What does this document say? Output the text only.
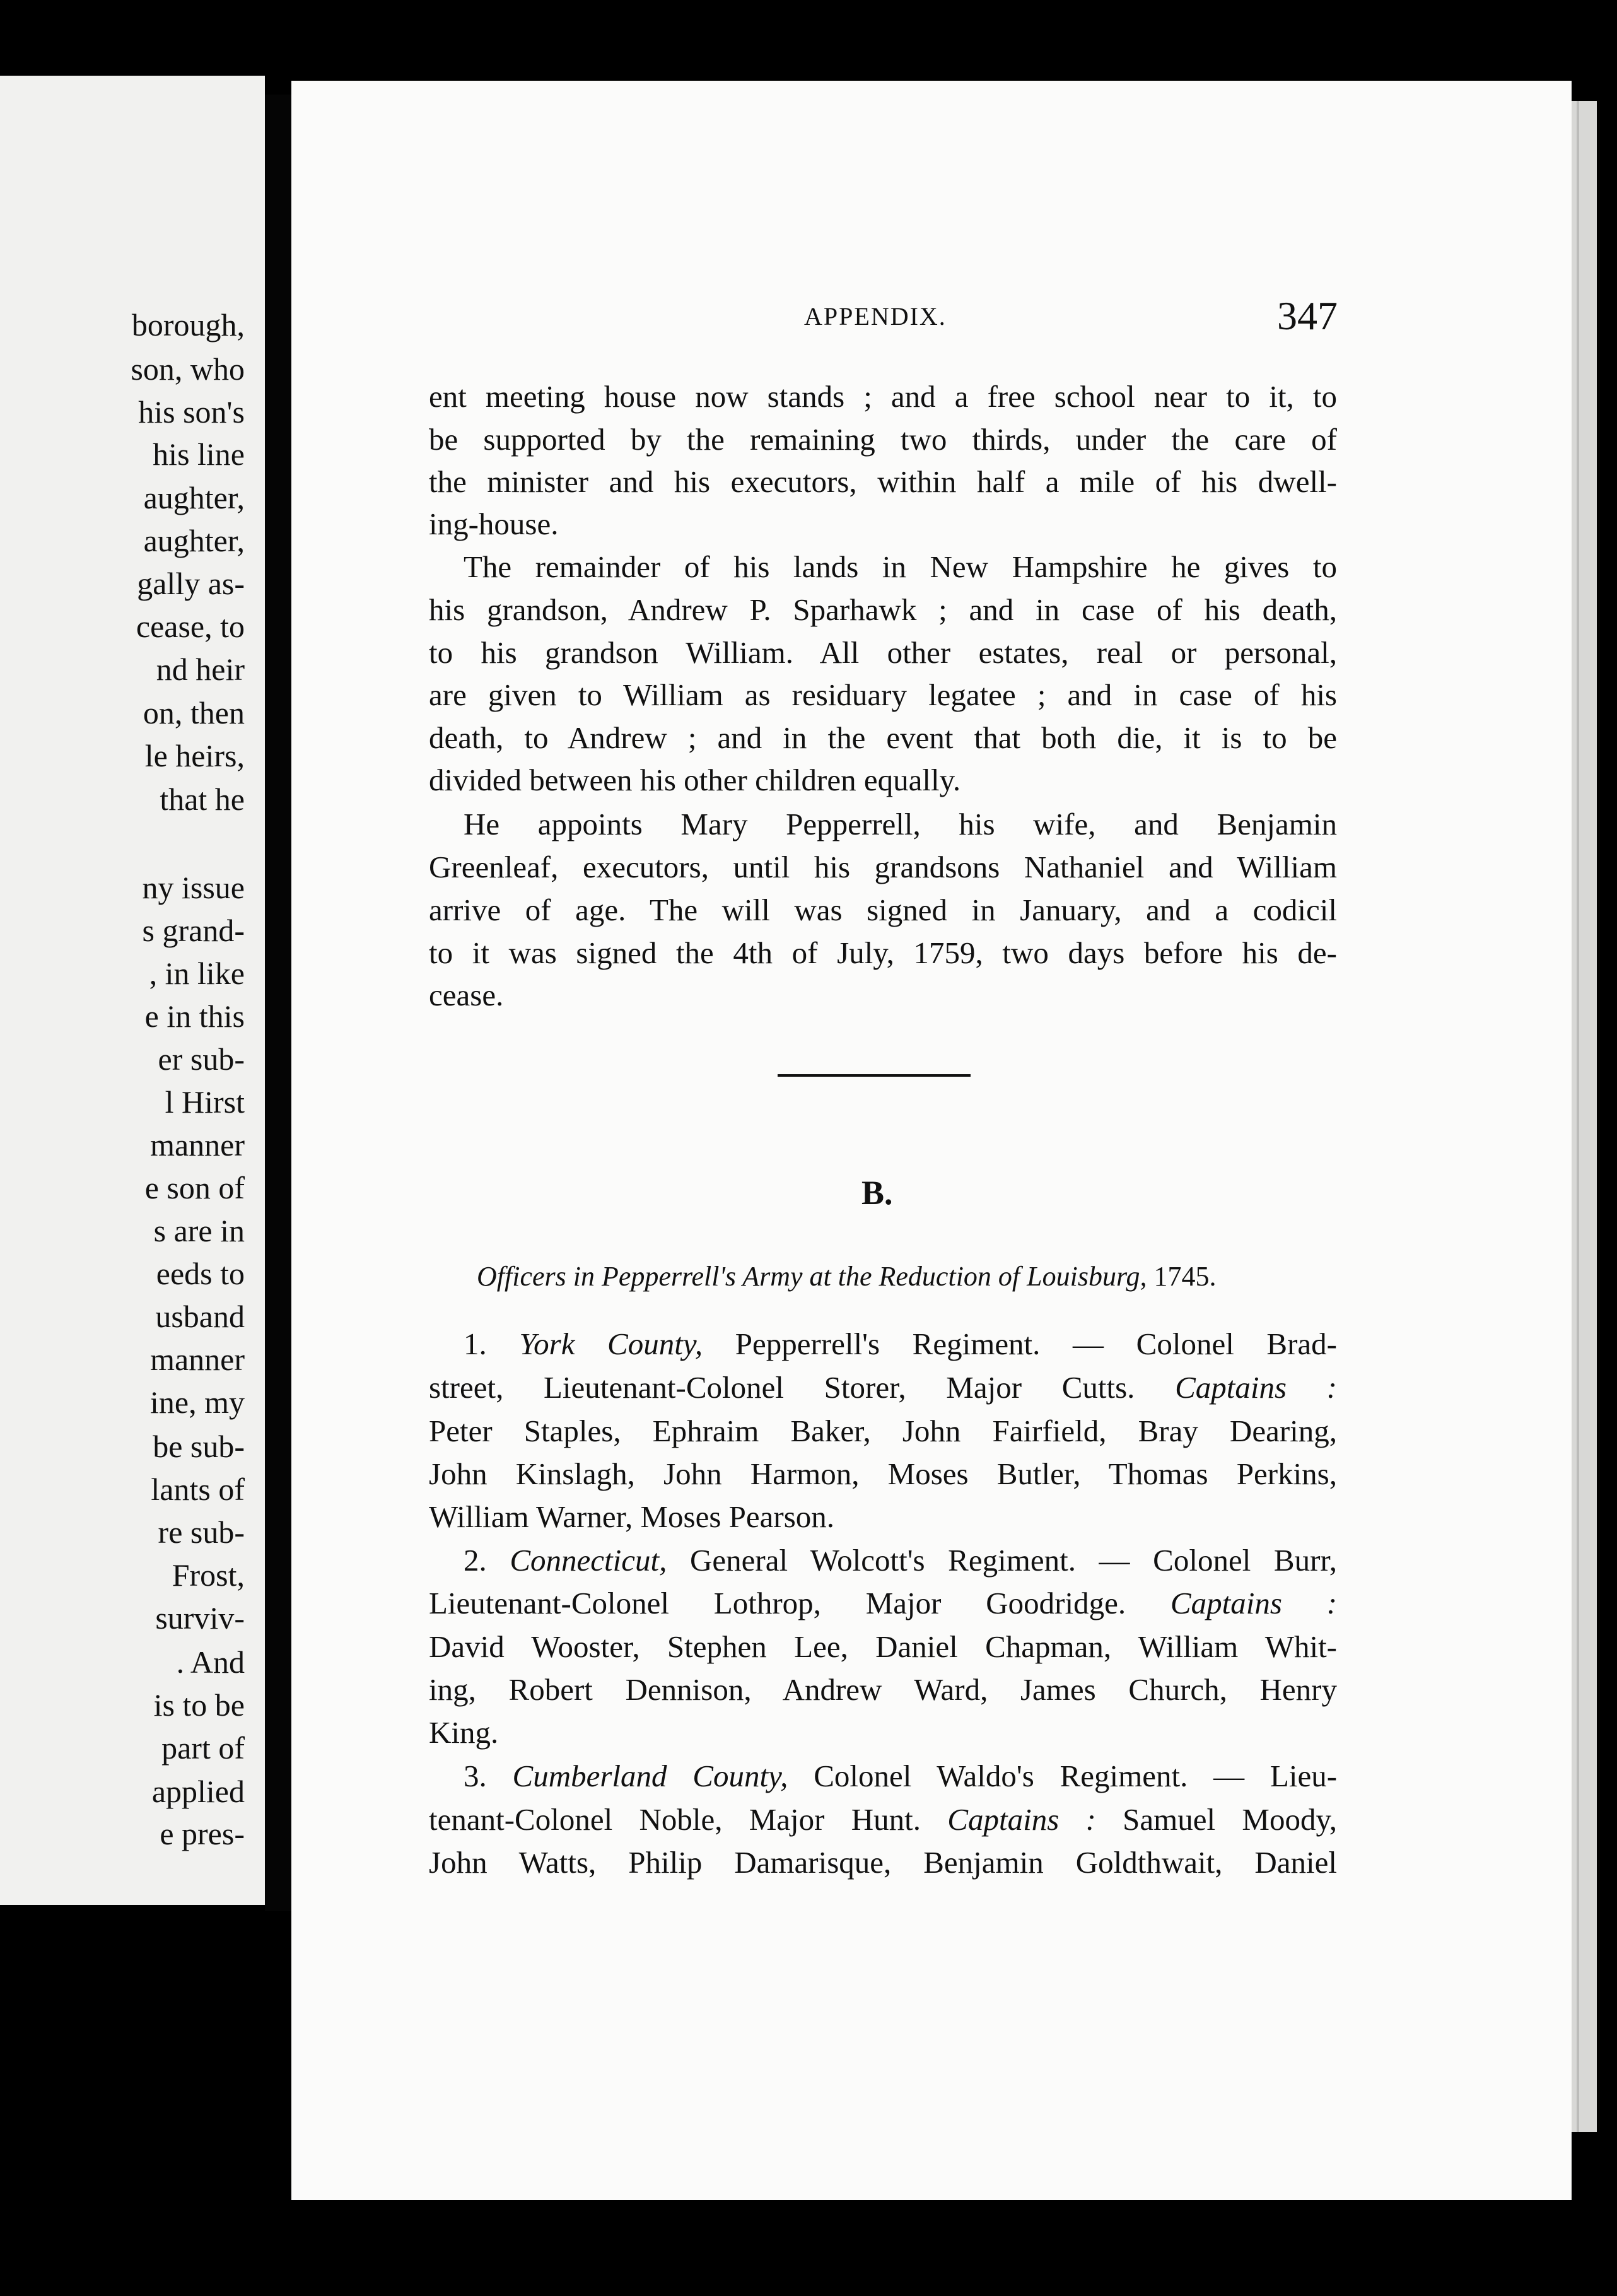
borough,
son, who
his son's
his line
aughter,
aughter,
gally as-
cease, to
nd heir
on, then
le heirs,
that he
ny issue
s grand-
, in like
e in this
er sub-
l Hirst
manner
e son of
s are in
eeds to
usband
manner
ine, my
be sub-
lants of
re sub-
Frost,
surviv-
. And
is to be
part of
applied
e pres-
APPENDIX.	347
ent meeting house now stands ; and a free school near to it, to
be supported by the remaining two thirds, under the care of
the minister and his executors, within half a mile of his dwell-
ing-house.
The remainder of his lands in New Hampshire he gives to
his grandson, Andrew P. Sparhawk ; and in case of his death,
to his grandson William. All other estates, real or personal,
are given to William as residuary legatee ; and in case of his
death, to Andrew ; and in the event that both die, it is to be
divided between his other children equally.
He appoints Mary Pepperrell, his wife, and Benjamin
Greenleaf, executors, until his grandsons Nathaniel and William
arrive of age. The will was signed in January, and a codicil
to it was signed the 4th of July, 1759, two days before his de-
cease.
B.
Officers in Pepperrell's Army at the Reduction of Louisburg, 1745.
1. York County, Pepperrell's Regiment. — Colonel Brad-
street, Lieutenant-Colonel Storer, Major Cutts. Captains :
Peter Staples, Ephraim Baker, John Fairfield, Bray Dearing,
John Kinslagh, John Harmon, Moses Butler, Thomas Perkins,
William Warner, Moses Pearson.
2. Connecticut, General Wolcott's Regiment. — Colonel Burr,
Lieutenant-Colonel Lothrop, Major Goodridge. Captains :
David Wooster, Stephen Lee, Daniel Chapman, William Whit-
ing, Robert Dennison, Andrew Ward, James Church, Henry
King.
3. Cumberland County, Colonel Waldo's Regiment. — Lieu-
tenant-Colonel Noble, Major Hunt. Captains : Samuel Moody,
John Watts, Philip Damarisque, Benjamin Goldthwait, Daniel
